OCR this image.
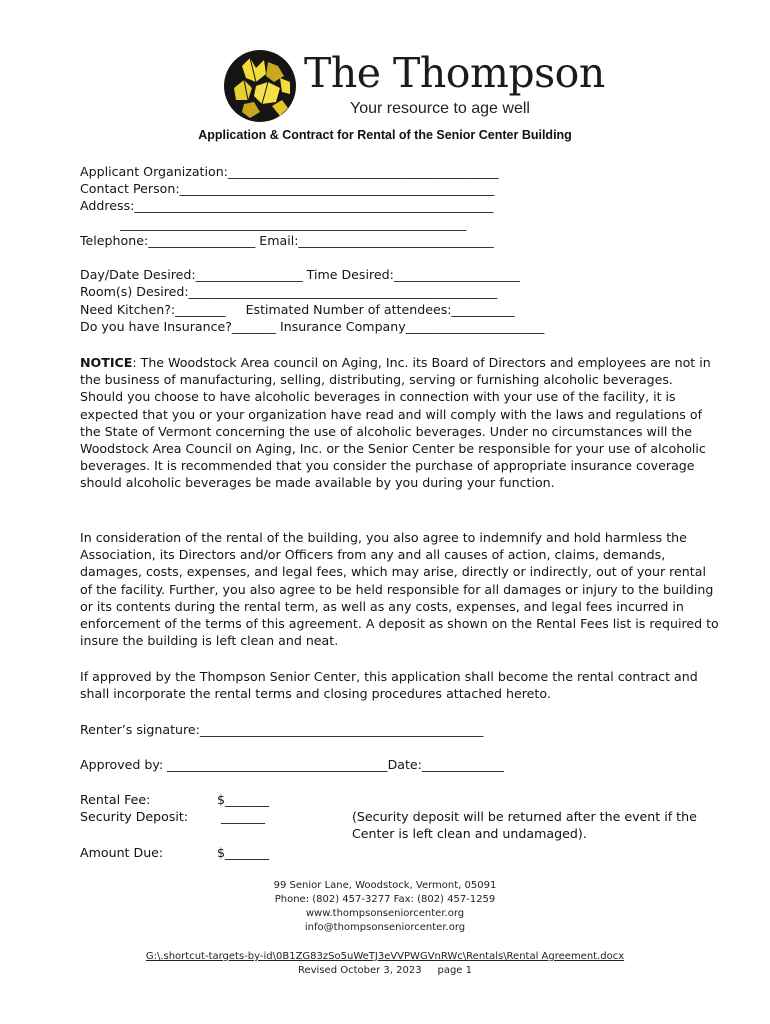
The Thompson
Your resource to age well
Application & Contract for Rental of the Senior Center Building
Applicant Organization:___________________________________________
Contact Person:__________________________________________________
Address:_________________________________________________________
_______________________________________________________
Telephone:_________________ Email:_______________________________
Day/Date Desired:_________________ Time Desired:____________________
Room(s) Desired:_________________________________________________
Need Kitchen?:________     Estimated Number of attendees:__________
Do you have Insurance?_______ Insurance Company______________________

NOTICE: The Woodstock Area council on Aging, Inc. its Board of Directors and employees are not in the business of manufacturing, selling, distributing, serving or furnishing alcoholic beverages. Should you choose to have alcoholic beverages in connection with your use of the facility, it is expected that you or your organization have read and will comply with the laws and regulations of the State of Vermont concerning the use of alcoholic beverages. Under no circumstances will the Woodstock Area Council on Aging, Inc. or the Senior Center be responsible for your use of alcoholic beverages. It is recommended that you consider the purchase of appropriate insurance coverage should alcoholic beverages be made available by you during your function.

In consideration of the rental of the building, you also agree to indemnify and hold harmless the Association, its Directors and/or Officers from any and all causes of action, claims, demands, damages, costs, expenses, and legal fees, which may arise, directly or indirectly, out of your rental of the facility. Further, you also agree to be held responsible for all damages or injury to the building or its contents during the rental term, as well as any costs, expenses, and legal fees incurred in enforcement of the terms of this agreement. A deposit as shown on the Rental Fees list is required to insure the building is left clean and neat.

If approved by the Thompson Senior Center, this application shall become the rental contract and shall incorporate the rental terms and closing procedures attached hereto.

Renter’s signature:_____________________________________________
Approved by: ___________________________________Date:_____________
Rental Fee:	$_______
Security Deposit: _______	(Security deposit will be returned after the event if the Center is left clean and undamaged).
Amount Due:	$_______
99 Senior Lane, Woodstock, Vermont, 05091
Phone: (802) 457-3277 Fax: (802) 457-1259
www.thompsonseniorcenter.org
info@thompsonseniorcenter.org
G:\.shortcut-targets-by-id\0B1ZG83zSo5uWeTJ3eVVPWGVnRWc\Rentals\Rental Agreement.docx
Revised October 3, 2023     page 1
